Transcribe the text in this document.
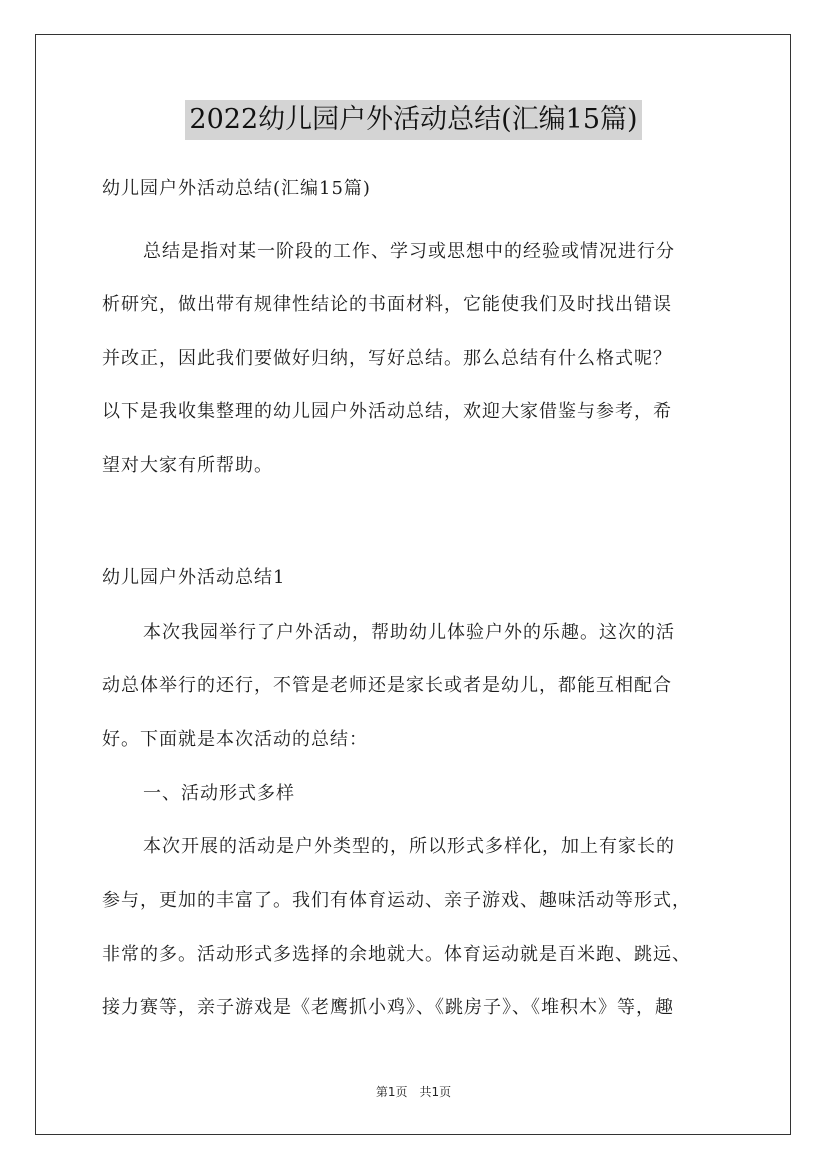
2022幼儿园户外活动总结(汇编15篇)
幼儿园户外活动总结(汇编15篇)
总结是指对某一阶段的工作、学习或思想中的经验或情况进行分
析研究，做出带有规律性结论的书面材料，它能使我们及时找出错误
并改正，因此我们要做好归纳，写好总结。那么总结有什么格式呢？
以下是我收集整理的幼儿园户外活动总结，欢迎大家借鉴与参考，希
望对大家有所帮助。
幼儿园户外活动总结1
本次我园举行了户外活动，帮助幼儿体验户外的乐趣。这次的活
动总体举行的还行，不管是老师还是家长或者是幼儿，都能互相配合
好。下面就是本次活动的总结：
一、活动形式多样
本次开展的活动是户外类型的，所以形式多样化，加上有家长的
参与，更加的丰富了。我们有体育运动、亲子游戏、趣味活动等形式，
非常的多。活动形式多选择的余地就大。体育运动就是百米跑、跳远、
接力赛等，亲子游戏是《老鹰抓小鸡》、《跳房子》、《堆积木》等，趣
第1页 共1页
